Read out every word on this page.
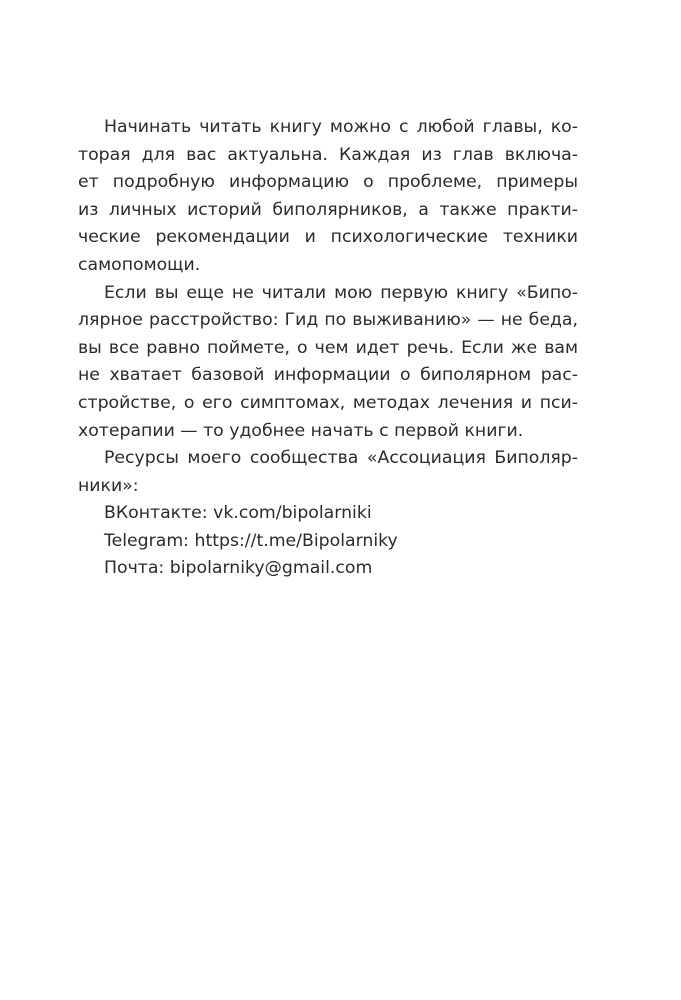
Начинать читать книгу можно с любой главы, ко-
торая для вас актуальна. Каждая из глав включа-
ет подробную информацию о проблеме, примеры
из личных историй биполярников, а также практи-
ческие рекомендации и психологические техники
самопомощи.
Если вы еще не читали мою первую книгу «Бипо-
лярное расстройство: Гид по выживанию» — не беда,
вы все равно поймете, о чем идет речь. Если же вам
не хватает базовой информации о биполярном рас-
стройстве, о его симптомах, методах лечения и пси-
хотерапии — то удобнее начать с первой книги.
Ресурсы моего сообщества «Ассоциация Биполяр-
ники»:
ВКонтакте: vk.com/bipolarniki
Telegram: https://t.me/Bipolarniky
Почта: bipolarniky@gmail.com
